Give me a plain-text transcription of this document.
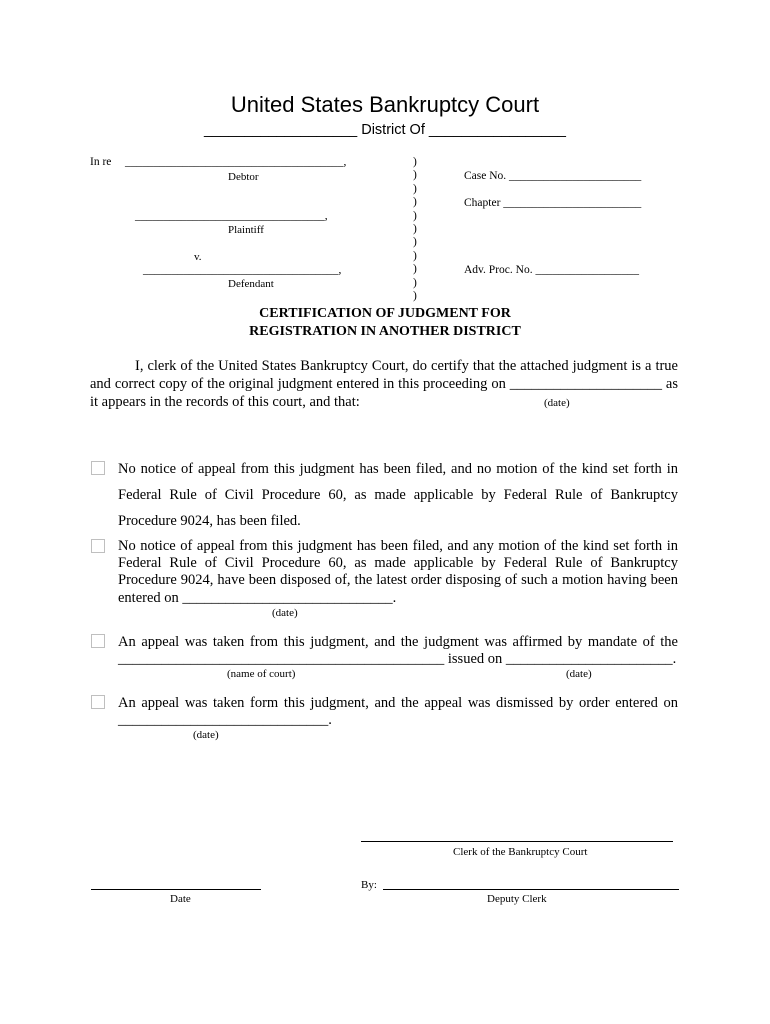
United States Bankruptcy Court
___________________ District Of _________________
In re ______________________________________,
Debtor
_________________________________,
Plaintiff
v.
__________________________________,
Defendant
)
)
)
)
)
)
)
)
)
)
)
Case No. _______________________
Chapter ________________________
Adv. Proc. No. __________________
CERTIFICATION OF JUDGMENT FOR
REGISTRATION IN ANOTHER DISTRICT
I, clerk of the United States Bankruptcy Court, do certify that the attached judgment is a true
and correct copy of the original judgment entered in this proceeding on _____________________ as
it appears in the records of this court, and that:	(date)
No notice of appeal from this judgment has been filed, and no motion of the kind set forth in
Federal Rule of Civil Procedure 60, as made applicable by Federal Rule of Bankruptcy
Procedure 9024, has been filed.
No notice of appeal from this judgment has been filed, and any motion of the kind set forth in
Federal Rule of Civil Procedure 60, as made applicable by Federal Rule of Bankruptcy
Procedure 9024, have been disposed of, the latest order disposing of such a motion having been
entered on _____________________________.
(date)
An appeal was taken from this judgment, and the judgment was affirmed by mandate of the
_____________________________________________ issued on _______________________.
(name of court)	(date)
An appeal was taken form this judgment, and the appeal was dismissed by order entered on
_____________________________.
(date)
Clerk of the Bankruptcy Court
Date
By:
Deputy Clerk
